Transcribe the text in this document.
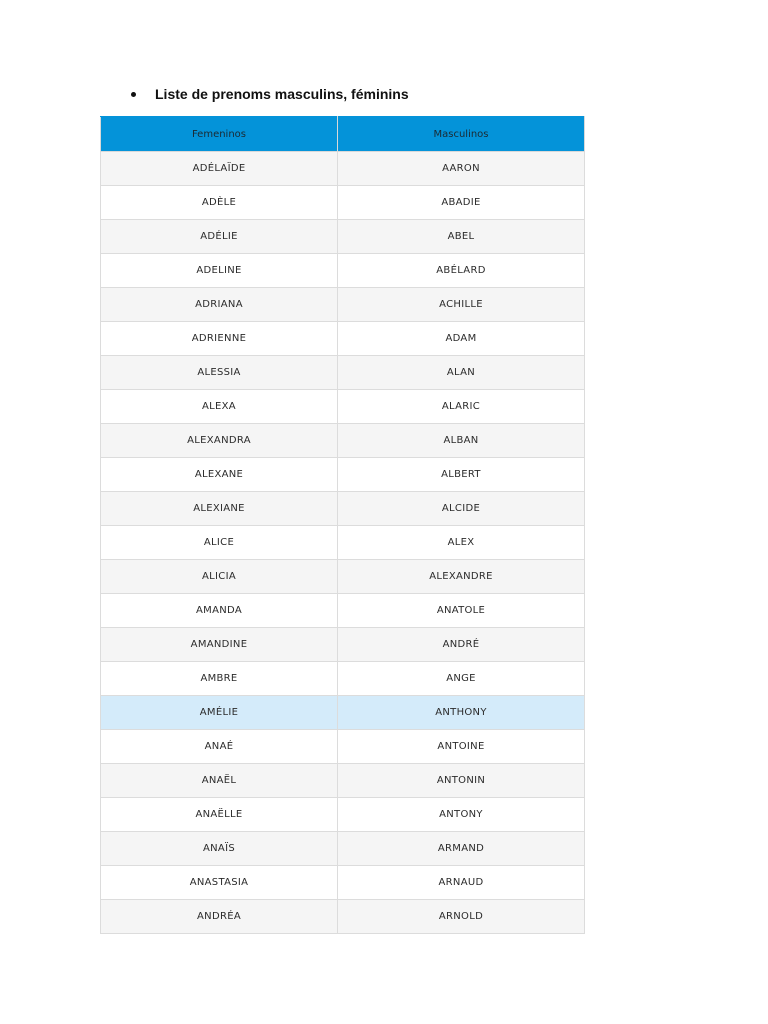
Liste de prenoms masculins, féminins
Femeninos	Masculinos
ADÉLAÏDE	AARON
ADÈLE	ABADIE
ADÉLIE	ABEL
ADELINE	ABÉLARD
ADRIANA	ACHILLE
ADRIENNE	ADAM
ALESSIA	ALAN
ALEXA	ALARIC
ALEXANDRA	ALBAN
ALEXANE	ALBERT
ALEXIANE	ALCIDE
ALICE	ALEX
ALICIA	ALEXANDRE
AMANDA	ANATOLE
AMANDINE	ANDRÉ
AMBRE	ANGE
AMÉLIE	ANTHONY
ANAÉ	ANTOINE
ANAËL	ANTONIN
ANAËLLE	ANTONY
ANAÏS	ARMAND
ANASTASIA	ARNAUD
ANDRÉA	ARNOLD
